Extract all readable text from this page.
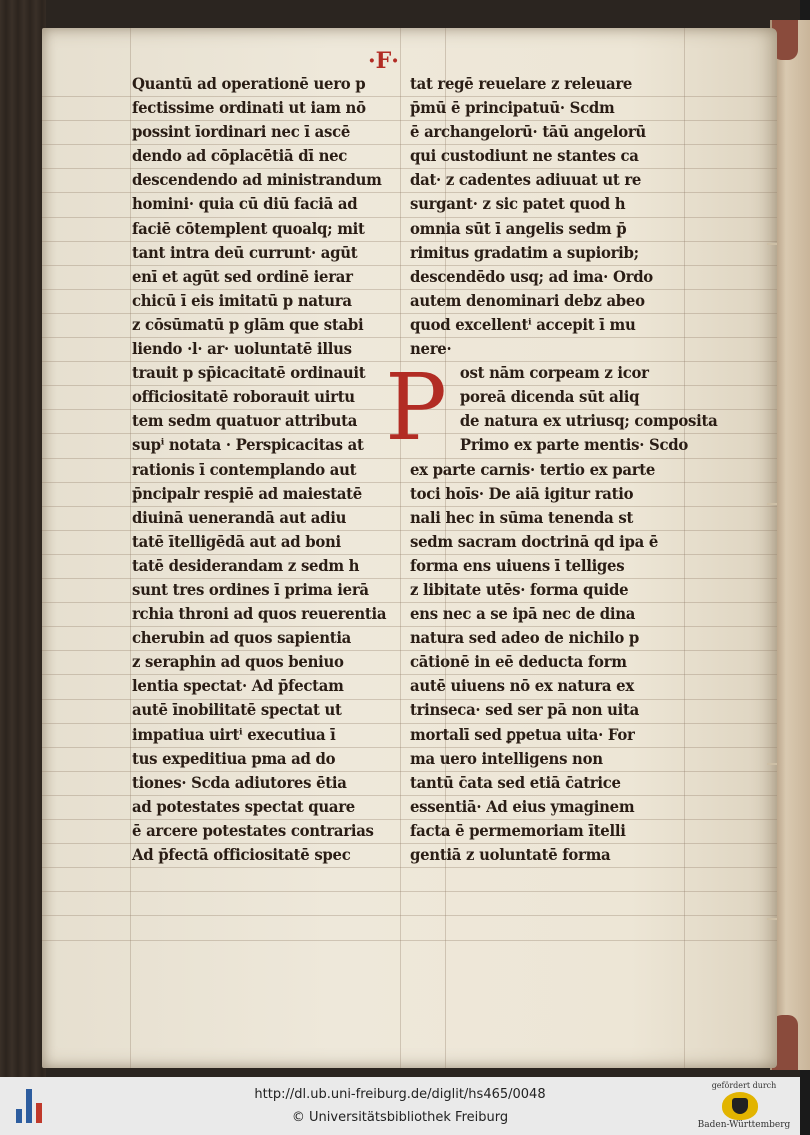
·F·
Quantū ad operationē uero p
fectissime ordinati ut iam nō
possint īordinari nec ī ascē
dendo ad cōplacētiā dī nec
descendendo ad ministrandum
homini· quia cū diū faciā ad
faciē cōtemplent quoalq; mit
tant intra deū currunt· agūt
enī et agūt sed ordinē ierar
chicū ī eis imitatū p natura
z cōsūmatū p glām que stabi
liendo ·l· ar· uoluntatē illus
trauit p sp̄icacitatē ordinauit
officiositatē roborauit uirtu
tem sedm quatuor attributa
supⁱ notata · Perspicacitas at
rationis ī contemplando aut
p̄ncipalr respiē ad maiestatē
diuinā uenerandā aut adiu
tatē ītelligēdā aut ad boni
tatē desiderandam z sedm h
sunt tres ordines ī prima ierā
rchia throni ad quos reuerentia
cherubin ad quos sapientia
z seraphin ad quos beniuo
lentia spectat· Ad p̄fectam
autē īnobilitatē spectat ut
impatiua uirtⁱ executiua ī
tus expeditiua pma ad do
tiones· Scda adiutores ētia
ad potestates spectat quare
ē arcere potestates contrarias
Ad p̄fectā officiositatē spec
tat regē reuelare z releuare
p̄mū ē principatuū· Scdm
ē archangelorū· tāū angelorū
qui custodiunt ne stantes ca
dat· z cadentes adiuuat ut re
surgant· z sic patet quod h
omnia sūt ī angelis sedm p̄
rimitus gradatim a supiorib;
descendēdo usq; ad ima· Ordo
autem denominari debz abeo
quod excellentⁱ accepit ī mu
nere·
ost nām corpeam z icor
poreā dicenda sūt aliq
de natura ex utriusq; composita
Primo ex parte mentis· Scdo
ex parte carnis· tertio ex parte
toci hoīs· De aiā igitur ratio
nali hec in sūma tenenda st
sedm sacram doctrinā qd ipa ē
forma ens uiuens ī telliges
z libitate utēs· forma quide
ens nec a se ipā nec de dina
natura sed adeo de nichilo p
cātionē in eē deducta form
autē uiuens nō ex natura ex
trinseca· sed ser pā non uita
mortalī sed ꝑpetua uita· For
ma uero intelligens non
tantū c̄ata sed etiā c̄atrice
essentiā· Ad eius ymaginem
facta ē permemoriam ītelli
gentiā z uoluntatē forma
P
http://dl.ub.uni-freiburg.de/diglit/hs465/0048
© Universitätsbibliothek Freiburg
gefördert durch
Baden-Württemberg
